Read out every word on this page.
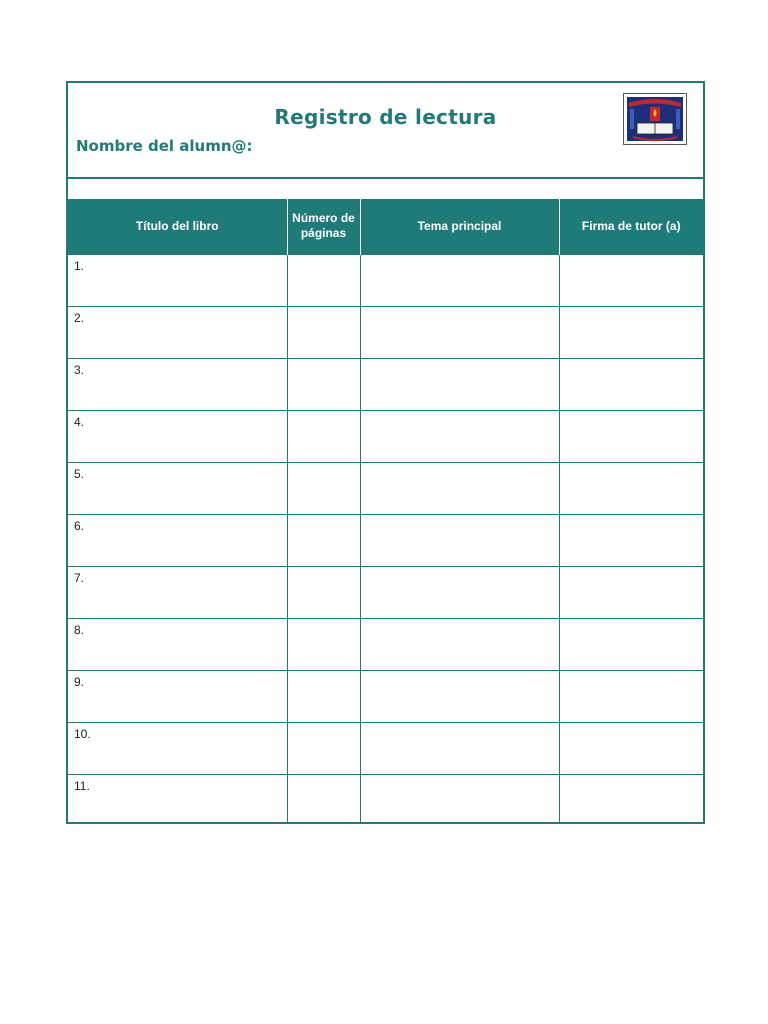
Registro de lectura
Nombre del alumn@:
Título del libro	Número de páginas	Tema principal	Firma de tutor (a)
1.			
2.			
3.			
4.			
5.			
6.			
7.			
8.			
9.			
10.			
11.			
